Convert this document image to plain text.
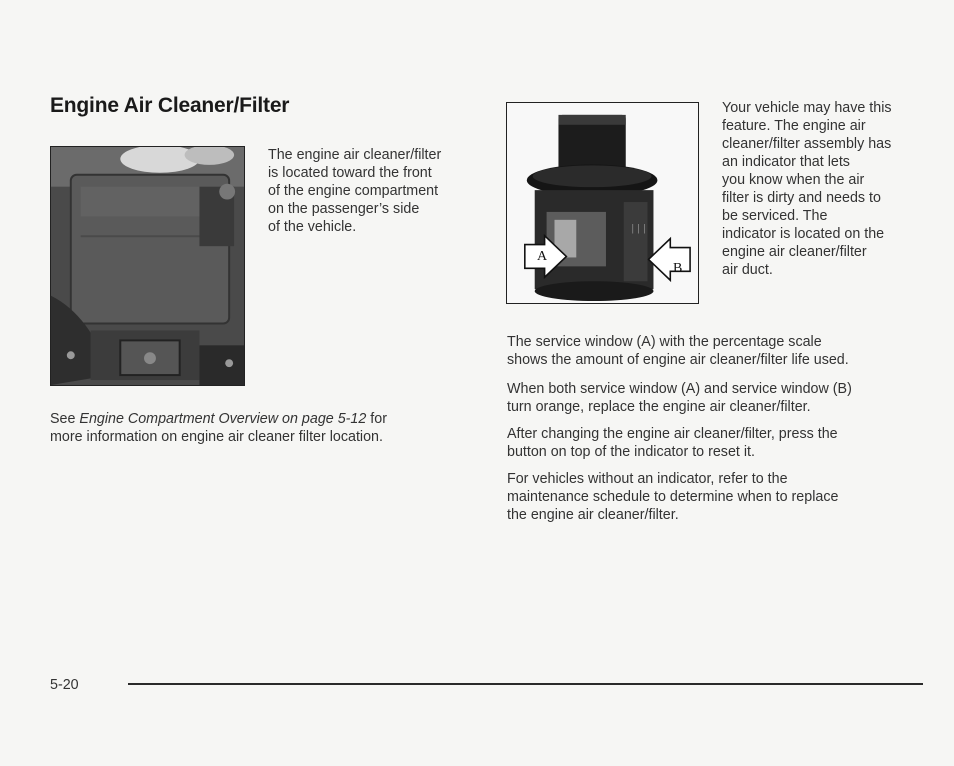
Engine Air Cleaner/Filter
The engine air cleaner/filter
is located toward the front
of the engine compartment
on the passenger’s side
of the vehicle.
See Engine Compartment Overview on page 5-12 for
more information on engine air cleaner filter location.
|||
A
B
Your vehicle may have this
feature. The engine air
cleaner/filter assembly has
an indicator that lets
you know when the air
filter is dirty and needs to
be serviced. The
indicator is located on the
engine air cleaner/filter
air duct.
The service window (A) with the percentage scale
shows the amount of engine air cleaner/filter life used.
When both service window (A) and service window (B)
turn orange, replace the engine air cleaner/filter.
After changing the engine air cleaner/filter, press the
button on top of the indicator to reset it.
For vehicles without an indicator, refer to the
maintenance schedule to determine when to replace
the engine air cleaner/filter.
5-20
